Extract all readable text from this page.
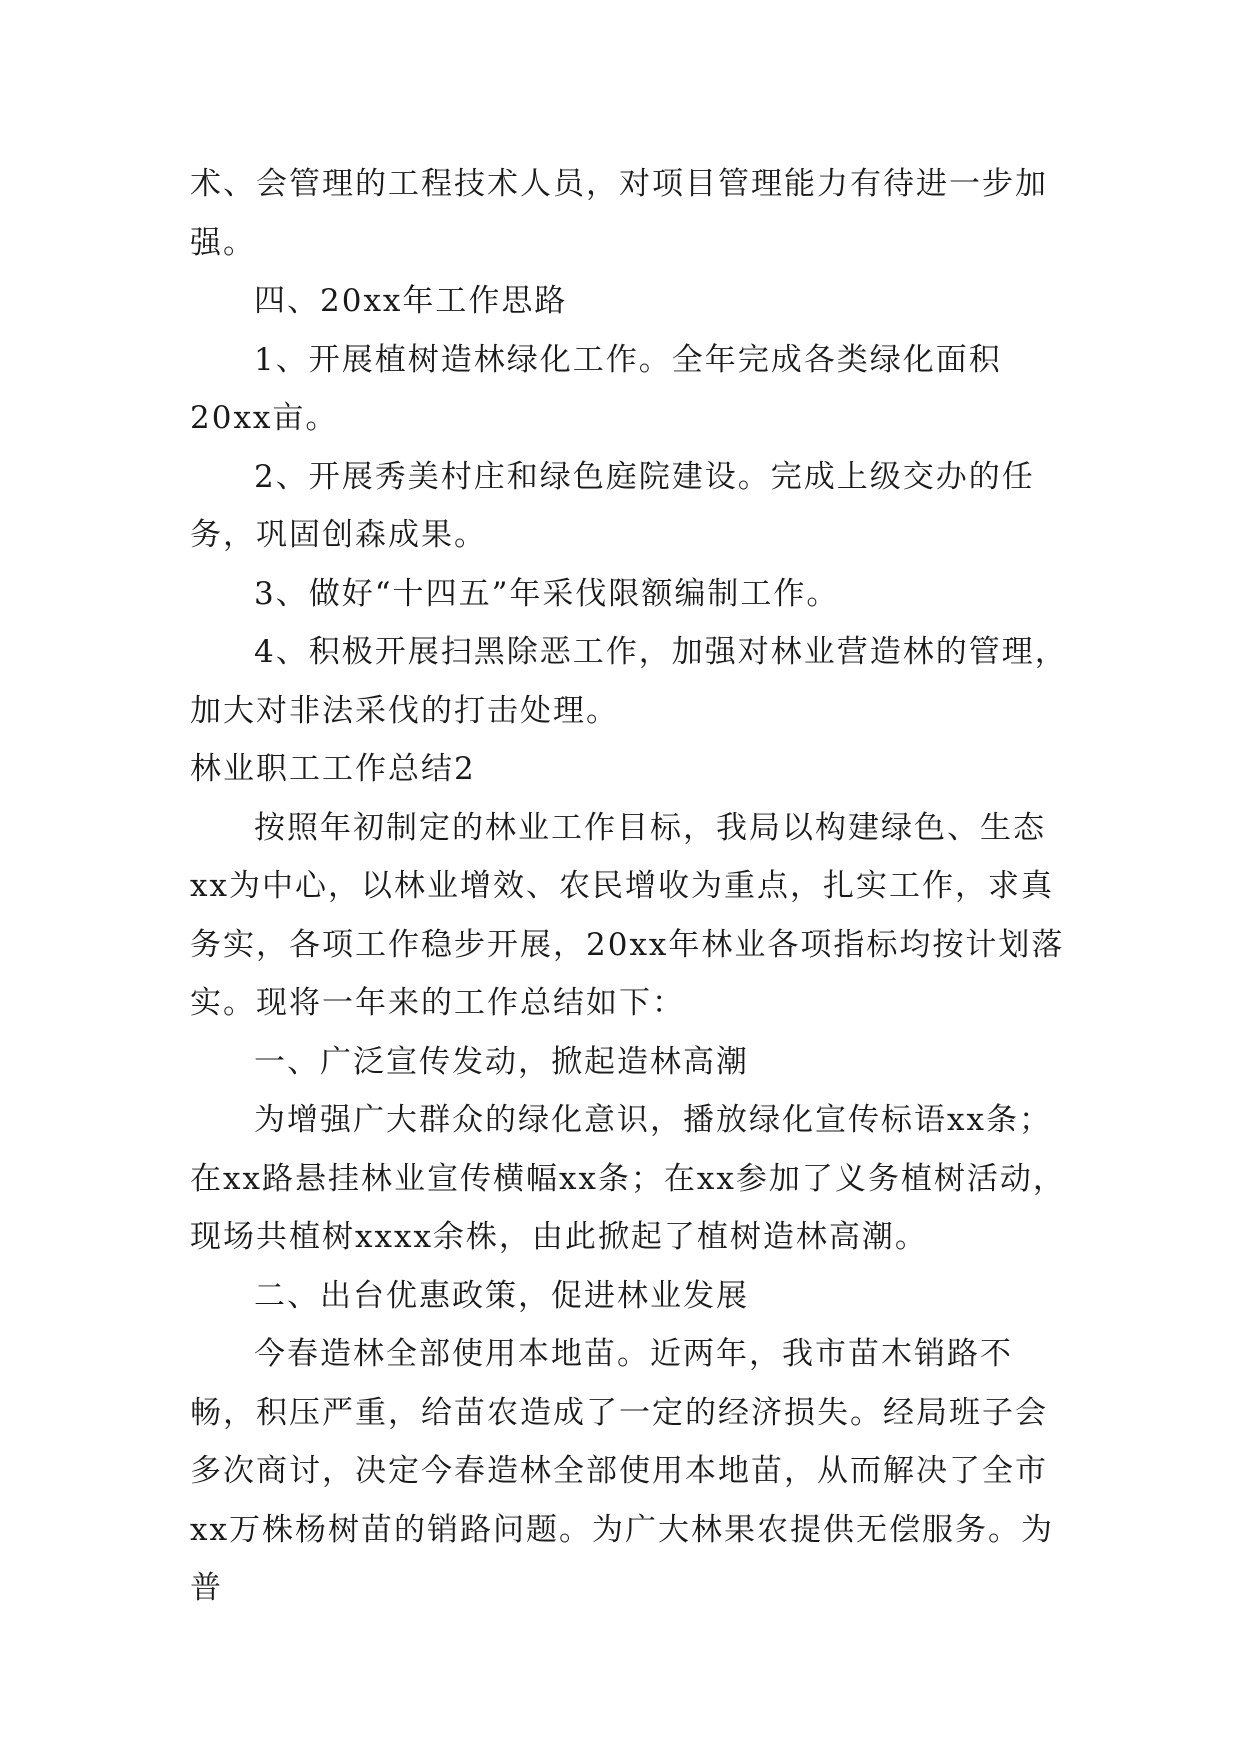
术、会管理的工程技术人员，对项目管理能力有待进一步加强。

四、20xx年工作思路

1、开展植树造林绿化工作。全年完成各类绿化面积20xx亩。

2、开展秀美村庄和绿色庭院建设。完成上级交办的任务，巩固创森成果。

3、做好“十四五”年采伐限额编制工作。

4、积极开展扫黑除恶工作，加强对林业营造林的管理，加大对非法采伐的打击处理。

林业职工工作总结2

按照年初制定的林业工作目标，我局以构建绿色、生态xx为中心，以林业增效、农民增收为重点，扎实工作，求真务实，各项工作稳步开展，20xx年林业各项指标均按计划落实。现将一年来的工作总结如下：

一、广泛宣传发动，掀起造林高潮

为增强广大群众的绿化意识，播放绿化宣传标语xx条；在xx路悬挂林业宣传横幅xx条；在xx参加了义务植树活动，现场共植树xxxx余株，由此掀起了植树造林高潮。

二、出台优惠政策，促进林业发展

今春造林全部使用本地苗。近两年，我市苗木销路不畅，积压严重，给苗农造成了一定的经济损失。经局班子会多次商讨，决定今春造林全部使用本地苗，从而解决了全市xx万株杨树苗的销路问题。为广大林果农提供无偿服务。为普
